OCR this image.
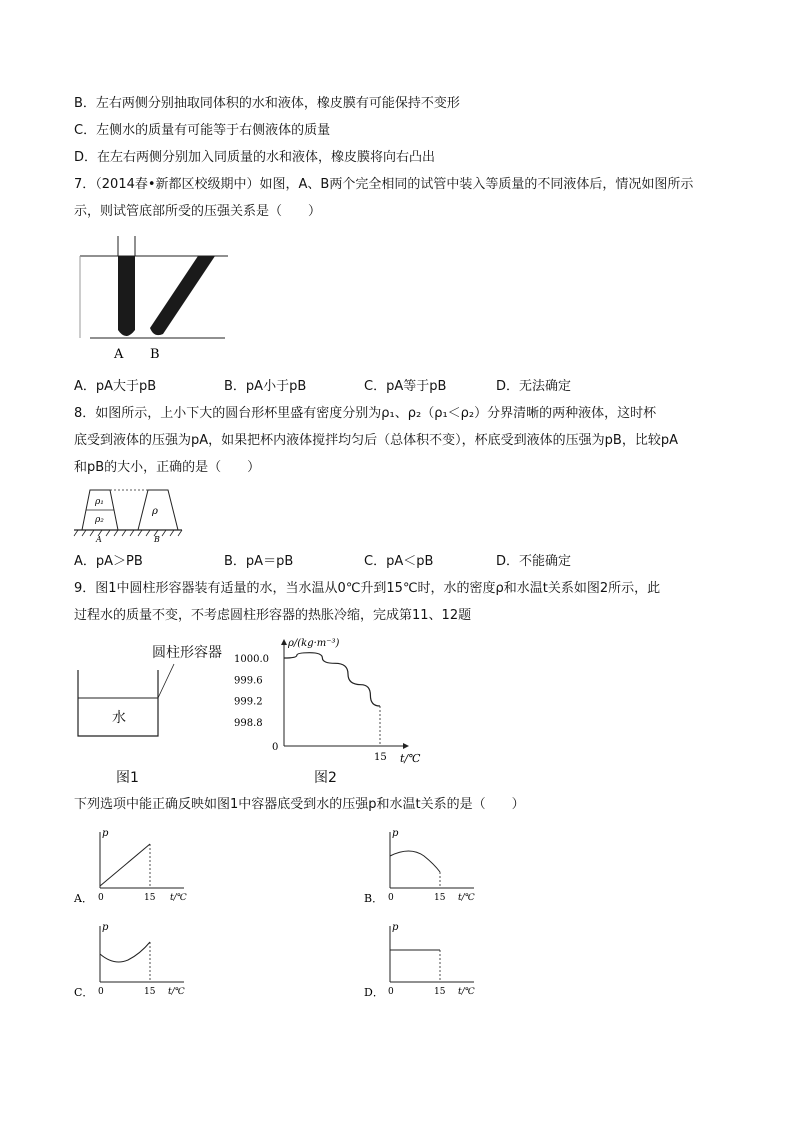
B．左右两侧分别抽取同体积的水和液体，橡皮膜有可能保持不变形
C．左侧水的质量有可能等于右侧液体的质量
D．在左右两侧分别加入同质量的水和液体，橡皮膜将向右凸出
7．（2014春•新都区校级期中）如图，A、B两个完全相同的试管中装入等质量的不同液体后，情况如图所示
示，则试管底部所受的压强关系是（　　）
A B
A．pA大于pB	B．pA小于pB	C．pA等于pB	D．无法确定
8．如图所示，上小下大的圆台形杯里盛有密度分别为ρ₁、ρ₂（ρ₁＜ρ₂）分界清晰的两种液体，这时杯
底受到液体的压强为pA，如果把杯内液体搅拌均匀后（总体积不变），杯底受到液体的压强为pB，比较pA
和pB的大小，正确的是（　　）
ρ₁
ρ₂
ρ
A	B
A．pA＞PB	B．pA＝pB	C．pA＜pB	D．不能确定
9．图1中圆柱形容器装有适量的水，当水温从0℃升到15℃时，水的密度ρ和水温t关系如图2所示，此
过程水的质量不变，不考虑圆柱形容器的热胀冷缩，完成第11、12题
圆柱形容器
水
图1
ρ/(kg·m⁻³)
t/℃
0
1000.0
999.6
999.2
998.8
15
图2
下列选项中能正确反映如图1中容器底受到水的压强p和水温t关系的是（　　）
p
0	15 t/℃
A．
p
0	15 t/℃
B．
p
0	15 t/℃
C．
p
0	15 t/℃
D．
